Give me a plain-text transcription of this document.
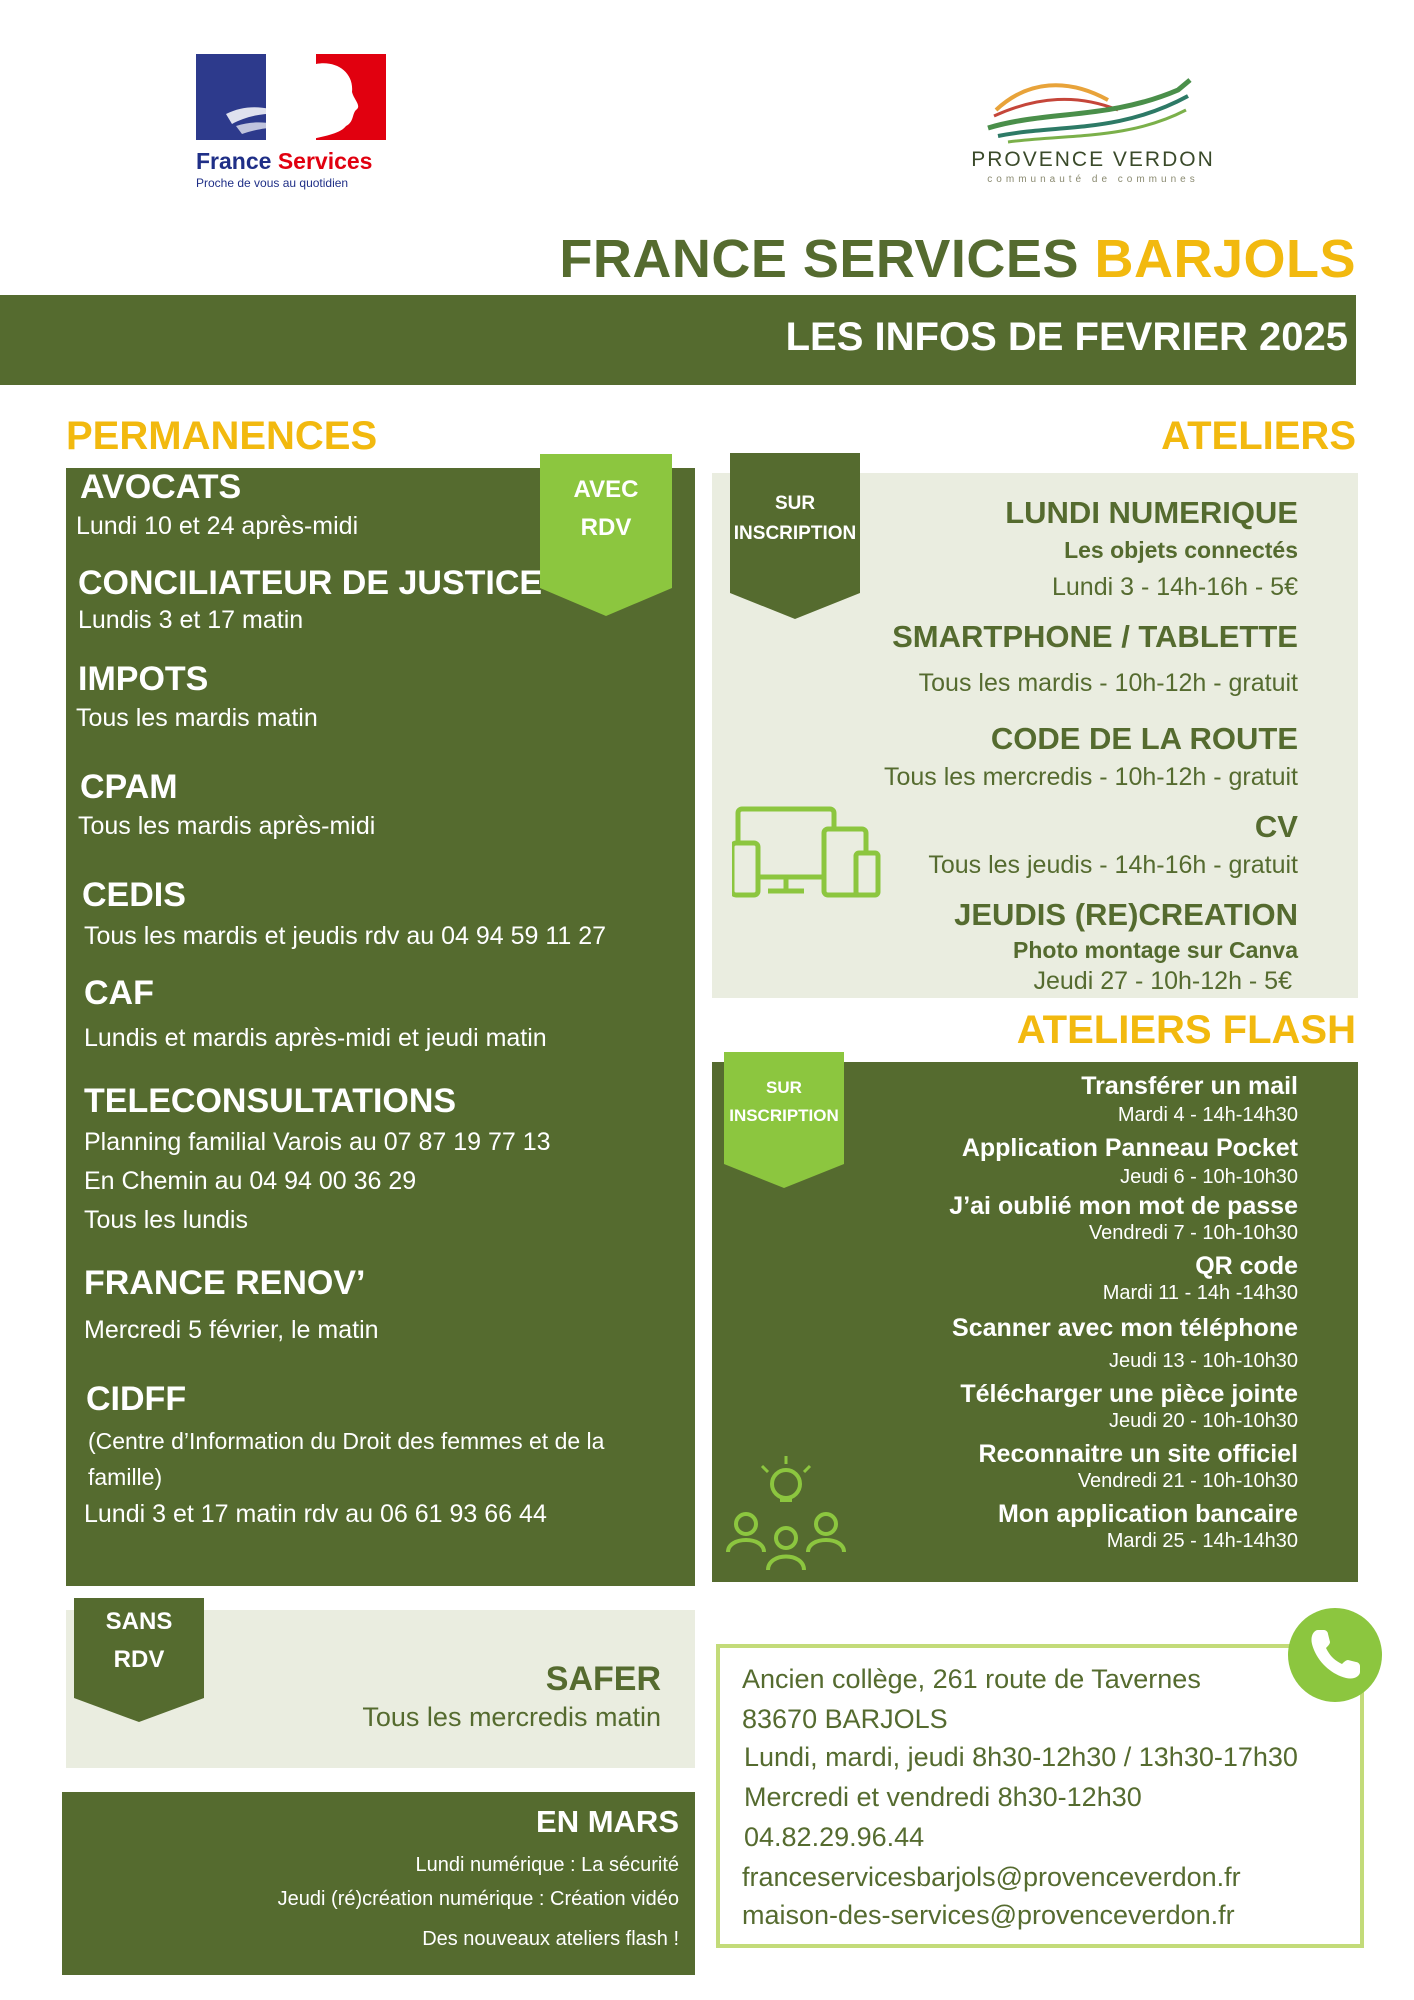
France Services
Proche de vous au quotidien
PROVENCE VERDON
communauté de communes
FRANCE SERVICES BARJOLS
LES INFOS DE FEVRIER 2025
PERMANENCES
AVEC
RDV
AVOCATS
Lundi 10 et 24 après-midi
CONCILIATEUR DE JUSTICE
Lundis 3 et 17 matin
IMPOTS
Tous les mardis matin
CPAM
Tous les mardis après-midi
CEDIS
Tous les mardis et jeudis rdv au 04 94 59 11 27
CAF
Lundis et mardis après-midi et jeudi matin
TELECONSULTATIONS
Planning familial Varois au 07 87 19 77 13
En Chemin au 04 94 00 36 29
Tous les lundis
FRANCE RENOV’
Mercredi 5 février, le matin
CIDFF
(Centre d’Information du Droit des femmes et de la
famille)
Lundi 3 et 17 matin rdv au 06 61 93 66 44
ATELIERS
SUR
INSCRIPTION
LUNDI NUMERIQUE
Les objets connectés
Lundi 3 - 14h-16h - 5€
SMARTPHONE / TABLETTE
Tous les mardis - 10h-12h - gratuit
CODE DE LA ROUTE
Tous les mercredis - 10h-12h - gratuit
CV
Tous les jeudis - 14h-16h - gratuit
JEUDIS (RE)CREATION
Photo montage sur Canva
Jeudi 27 - 10h-12h - 5€
ATELIERS FLASH
SUR
INSCRIPTION
Transférer un mail
Mardi 4 - 14h-14h30
Application Panneau Pocket
Jeudi 6 - 10h-10h30
J’ai oublié mon mot de passe
Vendredi 7 - 10h-10h30
QR code
Mardi 11 - 14h -14h30
Scanner avec mon téléphone
Jeudi 13 - 10h-10h30
Télécharger une pièce jointe
Jeudi 20 - 10h-10h30
Reconnaitre un site officiel
Vendredi 21 - 10h-10h30
Mon application bancaire
Mardi 25 - 14h-14h30
SANS
RDV
SAFER
Tous les mercredis matin
EN MARS
Lundi numérique : La sécurité
Jeudi (ré)création numérique : Création vidéo
Des nouveaux ateliers flash !
Ancien collège, 261 route de Tavernes
83670 BARJOLS
Lundi, mardi, jeudi 8h30-12h30 / 13h30-17h30
Mercredi et vendredi 8h30-12h30
04.82.29.96.44
franceservicesbarjols@provenceverdon.fr
maison-des-services@provenceverdon.fr
